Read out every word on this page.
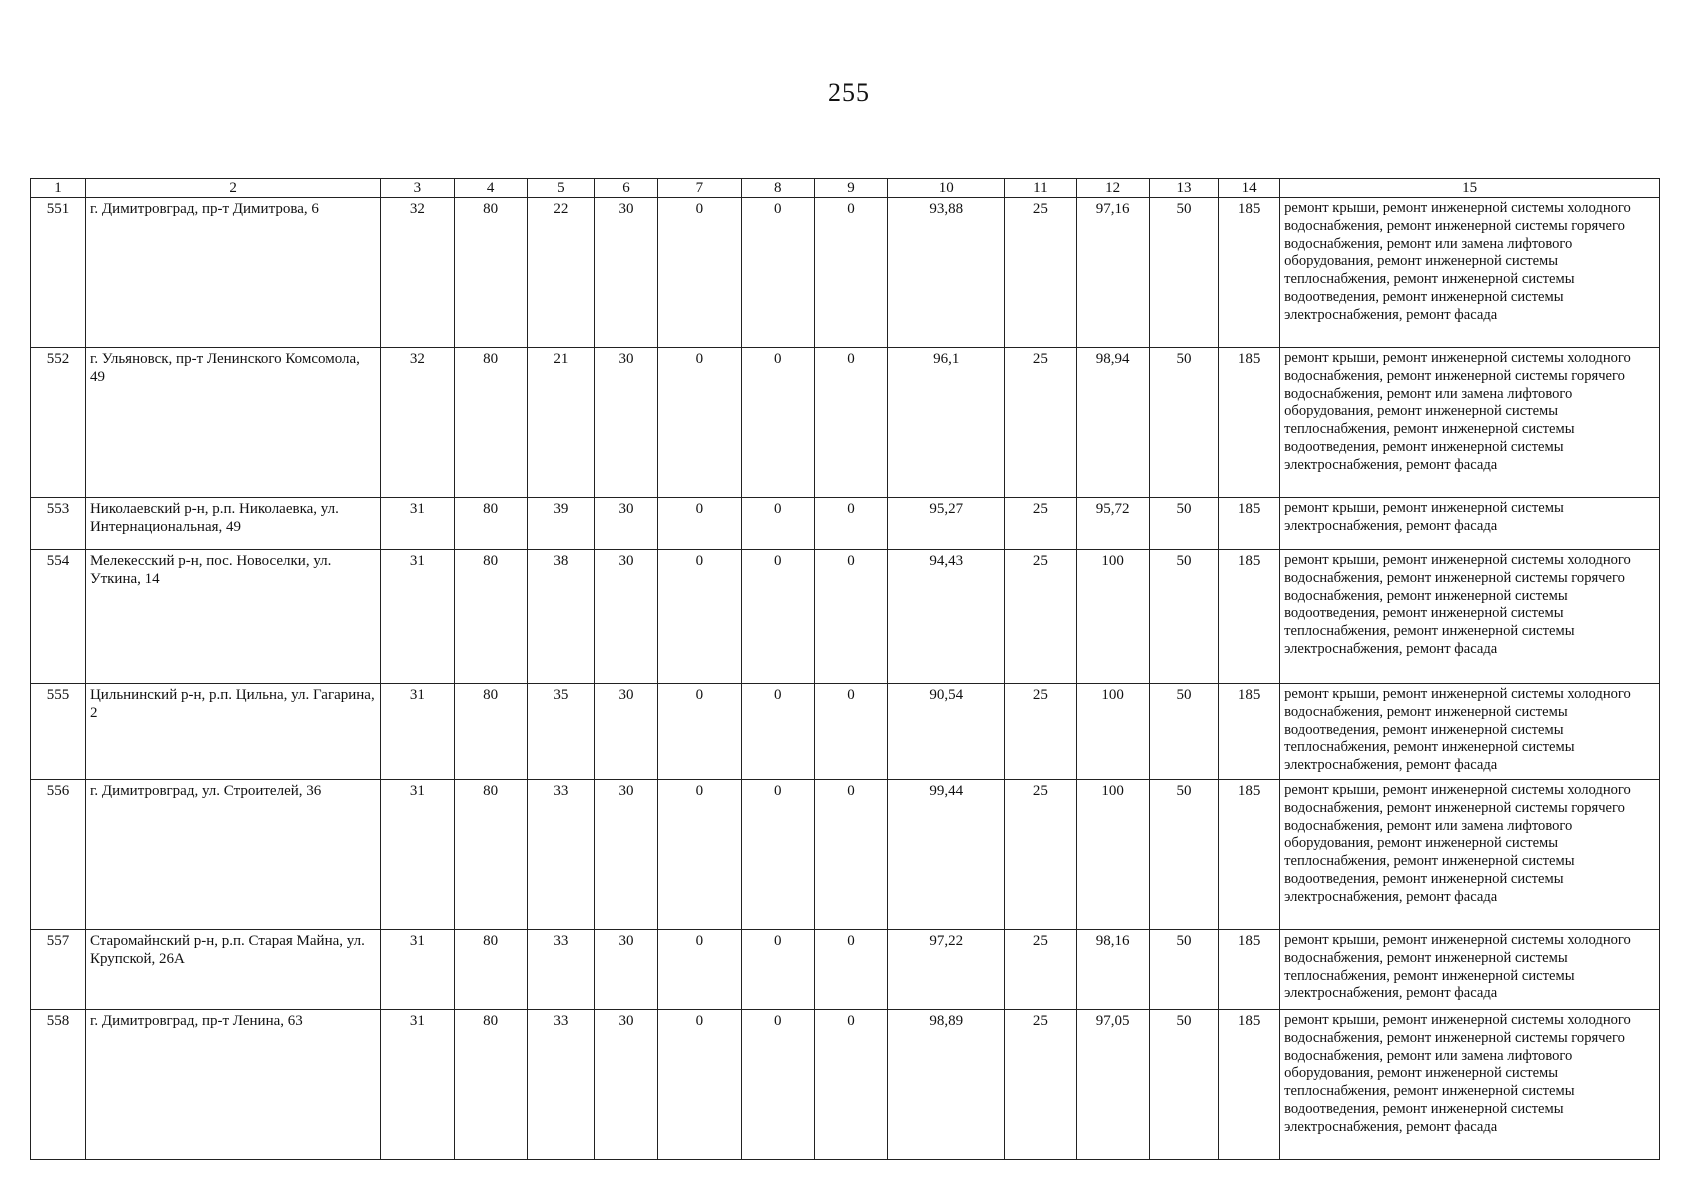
255
1	2	3	4	5	6	7	8	9	10	11	12	13	14	15
551	г. Димитровград, пр-т Димитрова, 6	32	80	22	30	0	0	0	93,88	25	97,16	50	185	ремонт крыши, ремонт инженерной системы холодного водоснабжения, ремонт инженерной системы горячего водоснабжения, ремонт или замена лифтового оборудования, ремонт инженерной системы теплоснабжения, ремонт инженерной системы водоотведения, ремонт инженерной системы электроснабжения, ремонт фасада
552	г. Ульяновск, пр-т Ленинского Комсомола, 49	32	80	21	30	0	0	0	96,1	25	98,94	50	185	ремонт крыши, ремонт инженерной системы холодного водоснабжения, ремонт инженерной системы горячего водоснабжения, ремонт или замена лифтового оборудования, ремонт инженерной системы теплоснабжения, ремонт инженерной системы водоотведения, ремонт инженерной системы электроснабжения, ремонт фасада
553	Николаевский р-н, р.п. Николаевка, ул. Интернациональная, 49	31	80	39	30	0	0	0	95,27	25	95,72	50	185	ремонт крыши, ремонт инженерной системы электроснабжения, ремонт фасада
554	Мелекесский р-н, пос. Новоселки, ул. Уткина, 14	31	80	38	30	0	0	0	94,43	25	100	50	185	ремонт крыши, ремонт инженерной системы холодного водоснабжения, ремонт инженерной системы горячего водоснабжения, ремонт инженерной системы водоотведения, ремонт инженерной системы теплоснабжения, ремонт инженерной системы электроснабжения, ремонт фасада
555	Цильнинский р-н, р.п. Цильна, ул. Гагарина, 2	31	80	35	30	0	0	0	90,54	25	100	50	185	ремонт крыши, ремонт инженерной системы холодного водоснабжения, ремонт инженерной системы водоотведения, ремонт инженерной системы теплоснабжения, ремонт инженерной системы электроснабжения, ремонт фасада
556	г. Димитровград, ул. Строителей, 36	31	80	33	30	0	0	0	99,44	25	100	50	185	ремонт крыши, ремонт инженерной системы холодного водоснабжения, ремонт инженерной системы горячего водоснабжения, ремонт или замена лифтового оборудования, ремонт инженерной системы теплоснабжения, ремонт инженерной системы водоотведения, ремонт инженерной системы электроснабжения, ремонт фасада
557	Старомайнский р-н, р.п. Старая Майна, ул. Крупской, 26А	31	80	33	30	0	0	0	97,22	25	98,16	50	185	ремонт крыши, ремонт инженерной системы холодного водоснабжения, ремонт инженерной системы теплоснабжения, ремонт инженерной системы электроснабжения, ремонт фасада
558	г. Димитровград, пр-т Ленина, 63	31	80	33	30	0	0	0	98,89	25	97,05	50	185	ремонт крыши, ремонт инженерной системы холодного водоснабжения, ремонт инженерной системы горячего водоснабжения, ремонт или замена лифтового оборудования, ремонт инженерной системы теплоснабжения, ремонт инженерной системы водоотведения, ремонт инженерной системы электроснабжения, ремонт фасада
